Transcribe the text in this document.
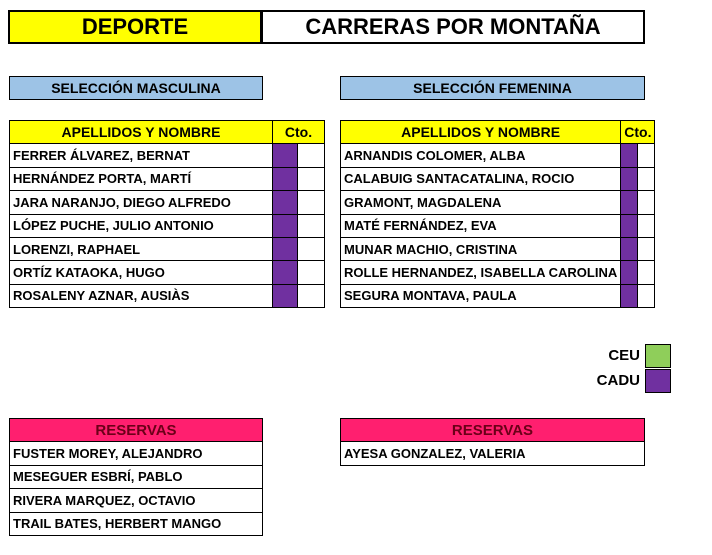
DEPORTE	CARRERAS POR MONTAÑA
SELECCIÓN MASCULINA	SELECCIÓN FEMENINA
APELLIDOS Y NOMBRE	Cto.	
FERRER ÁLVAREZ, BERNAT		
HERNÁNDEZ PORTA, MARTÍ		
JARA NARANJO, DIEGO ALFREDO		
LÓPEZ PUCHE, JULIO ANTONIO		
LORENZI, RAPHAEL		
ORTÍZ KATAOKA, HUGO		
ROSALENY AZNAR, AUSIÀS		
APELLIDOS Y NOMBRE	Cto.	
ARNANDIS COLOMER, ALBA		
CALABUIG SANTACATALINA, ROCIO		
GRAMONT, MAGDALENA		
MATÉ FERNÁNDEZ, EVA		
MUNAR MACHIO, CRISTINA		
ROLLE HERNANDEZ, ISABELLA CAROLINA		
SEGURA MONTAVA, PAULA		
CEU
CADU
RESERVAS
FUSTER MOREY, ALEJANDRO
MESEGUER ESBRÍ, PABLO
RIVERA MARQUEZ, OCTAVIO
TRAIL BATES, HERBERT MANGO
RESERVAS
AYESA GONZALEZ, VALERIA
